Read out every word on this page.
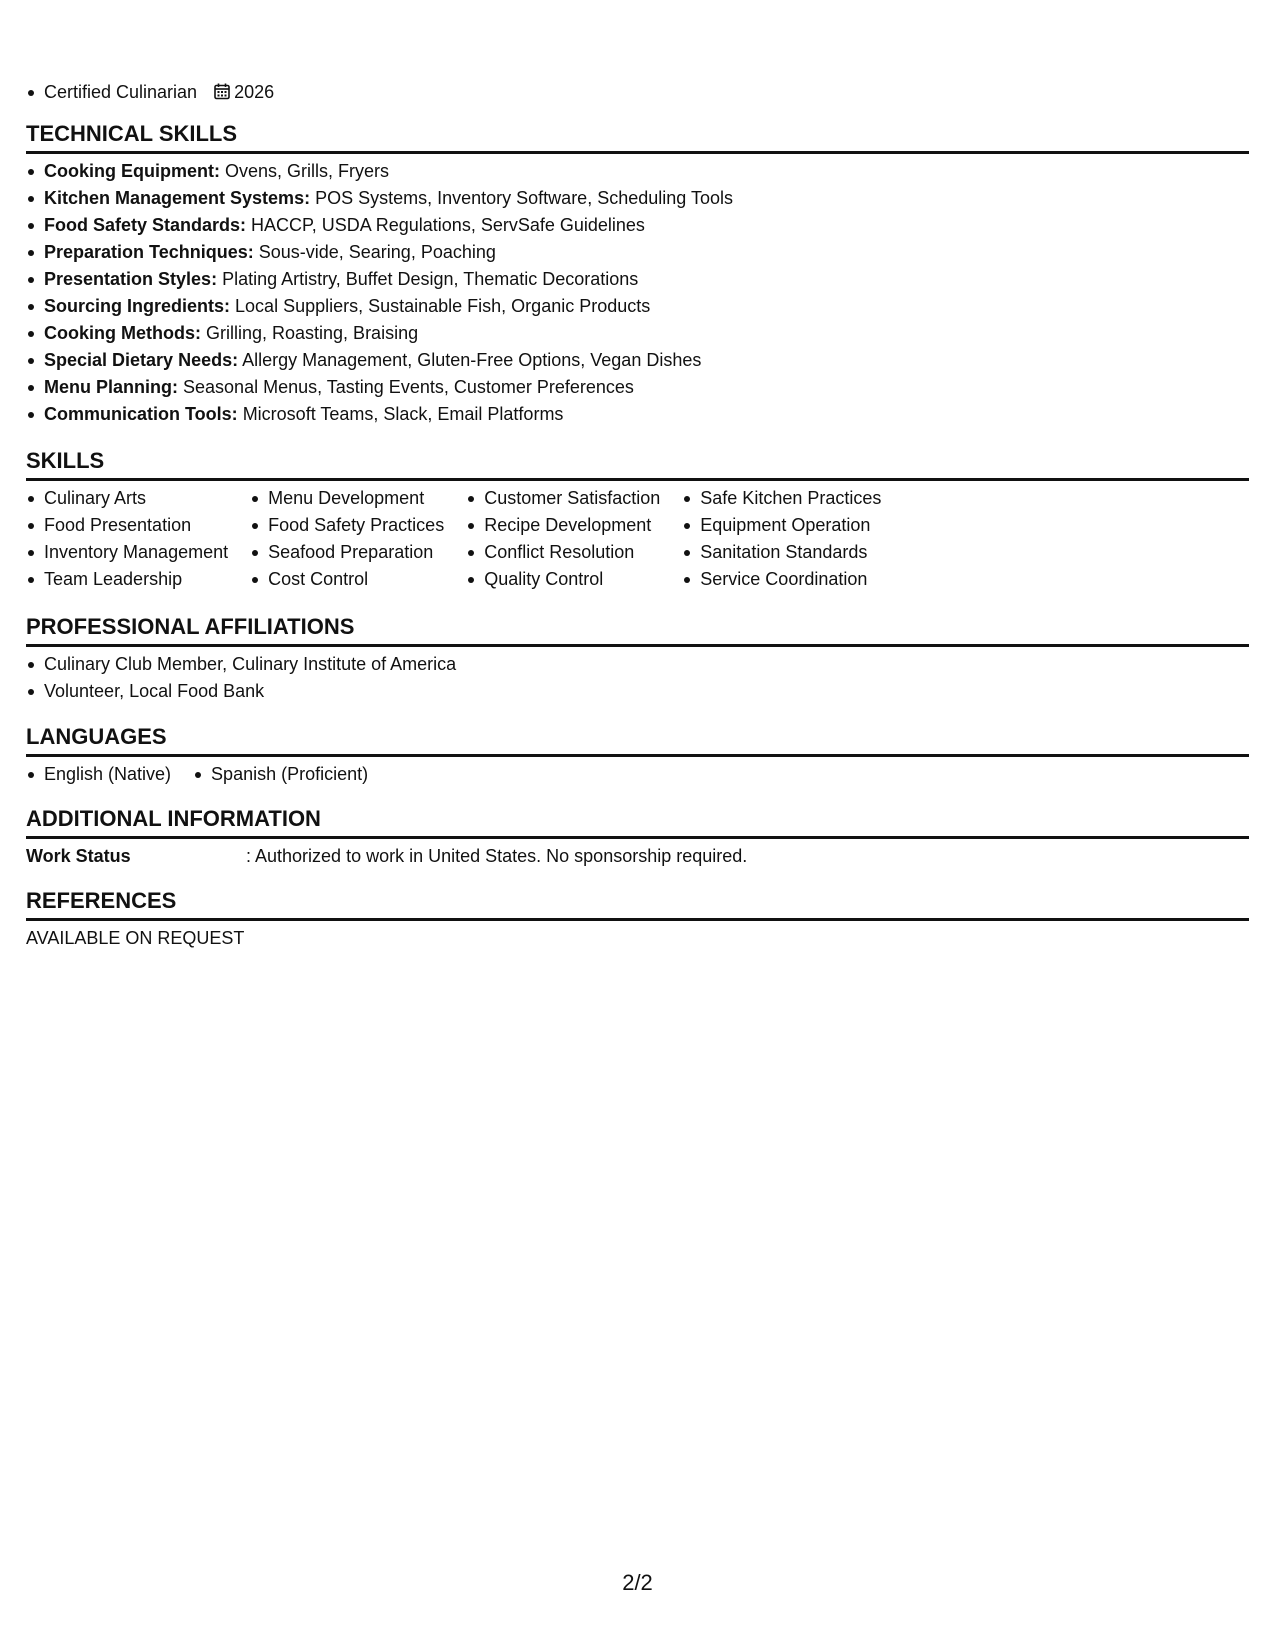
Certified Culinarian 2026
TECHNICAL SKILLS
Cooking Equipment: Ovens, Grills, Fryers
Kitchen Management Systems: POS Systems, Inventory Software, Scheduling Tools
Food Safety Standards: HACCP, USDA Regulations, ServSafe Guidelines
Preparation Techniques: Sous-vide, Searing, Poaching
Presentation Styles: Plating Artistry, Buffet Design, Thematic Decorations
Sourcing Ingredients: Local Suppliers, Sustainable Fish, Organic Products
Cooking Methods: Grilling, Roasting, Braising
Special Dietary Needs: Allergy Management, Gluten-Free Options, Vegan Dishes
Menu Planning: Seasonal Menus, Tasting Events, Customer Preferences
Communication Tools: Microsoft Teams, Slack, Email Platforms
SKILLS
Culinary Arts
Food Presentation
Inventory Management
Team Leadership
Menu Development
Food Safety Practices
Seafood Preparation
Cost Control
Customer Satisfaction
Recipe Development
Conflict Resolution
Quality Control
Safe Kitchen Practices
Equipment Operation
Sanitation Standards
Service Coordination
PROFESSIONAL AFFILIATIONS
Culinary Club Member, Culinary Institute of America
Volunteer, Local Food Bank
LANGUAGES
English (Native)	Spanish (Proficient)
ADDITIONAL INFORMATION
Work Status	: Authorized to work in United States. No sponsorship required.
REFERENCES
AVAILABLE ON REQUEST
2/2
